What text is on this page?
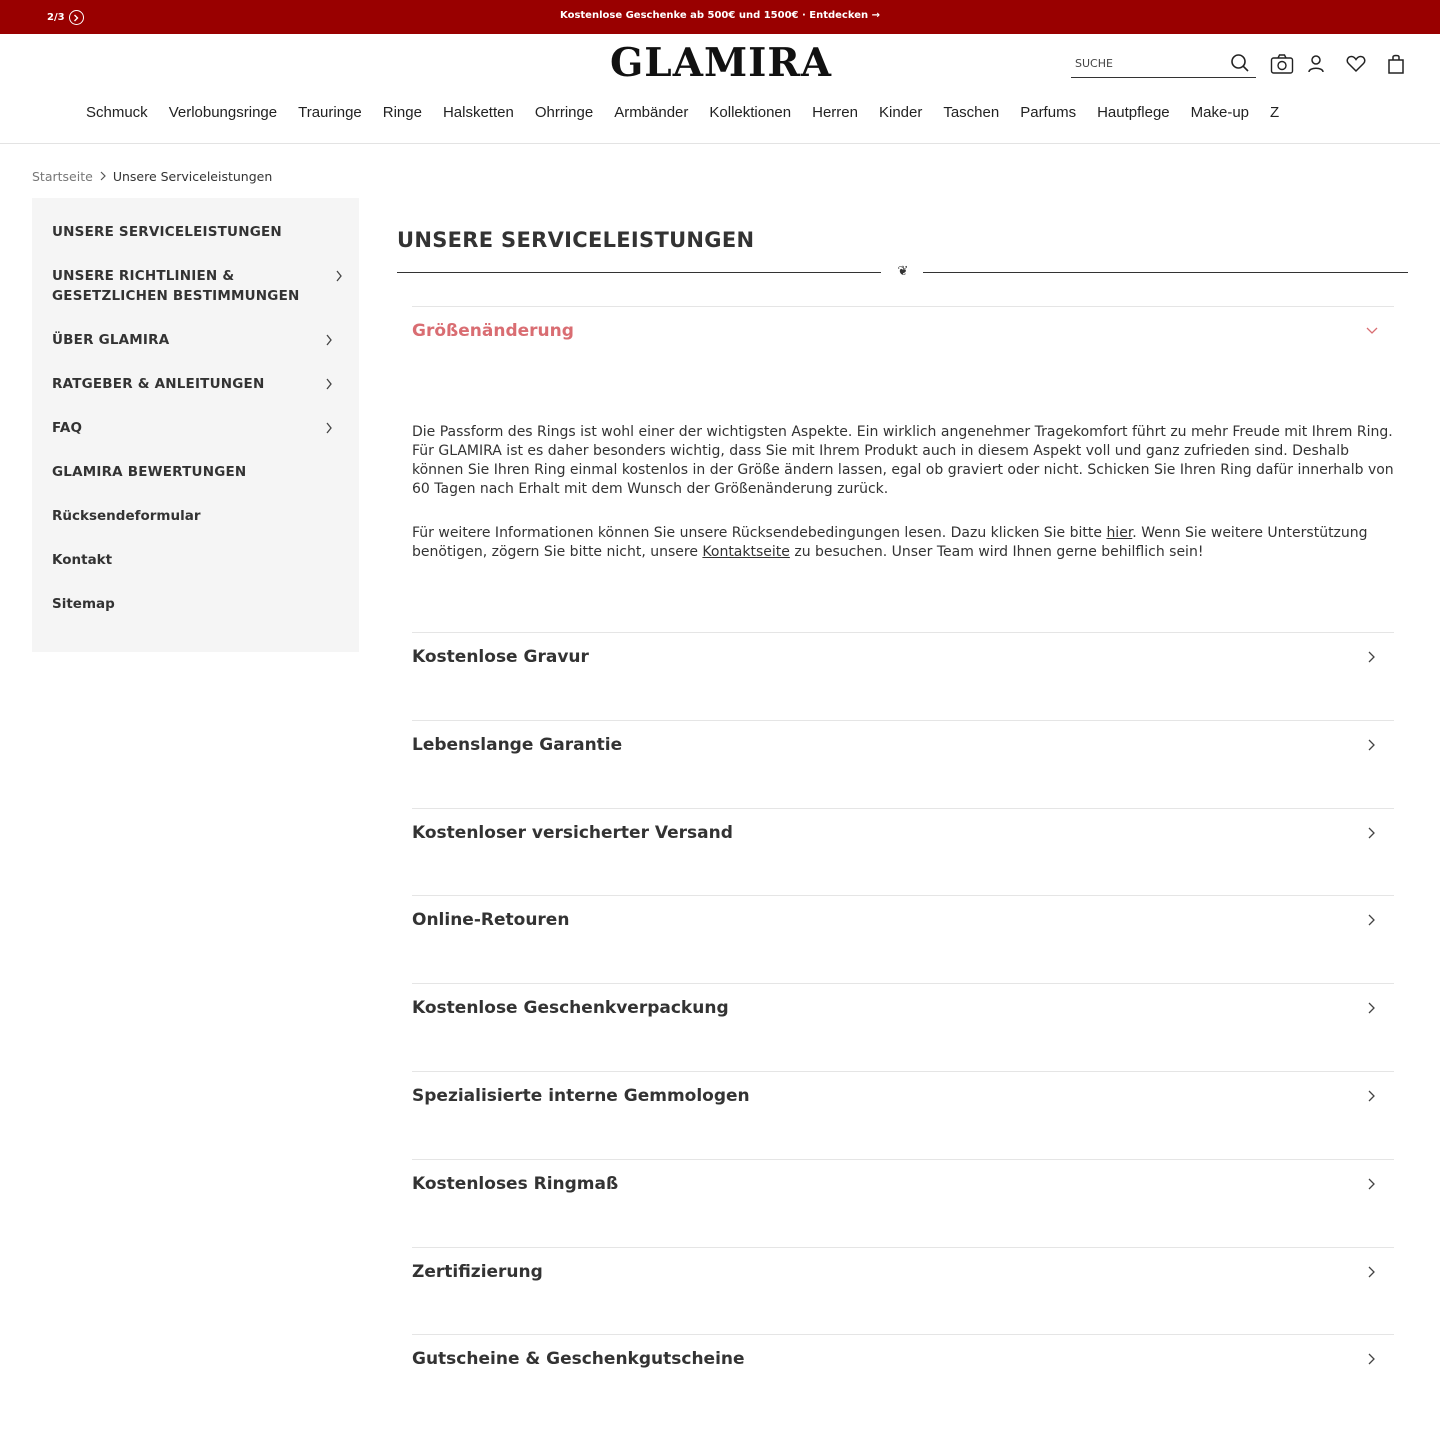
2/3	Kostenlose Geschenke ab 500€ und 1500€ · Entdecken →
GLAMIRA
SUCHE
Schmuck Verlobungsringe Trauringe Ringe Halsketten Ohrringe Armbänder Kollektionen Herren Kinder Taschen Parfums Hautpflege Make-up Z
Startseite Unsere Serviceleistungen
UNSERE SERVICELEISTUNGEN
UNSERE RICHTLINIEN & GESETZLICHEN BESTIMMUNGEN
ÜBER GLAMIRA
RATGEBER & ANLEITUNGEN
FAQ
GLAMIRA BEWERTUNGEN
Rücksendeformular
Kontakt
Sitemap
UNSERE SERVICELEISTUNGEN
❦
Größenänderung

Die Passform des Rings ist wohl einer der wichtigsten Aspekte. Ein wirklich angenehmer Tragekomfort führt zu mehr Freude mit Ihrem Ring. Für GLAMIRA ist es daher besonders wichtig, dass Sie mit Ihrem Produkt auch in diesem Aspekt voll und ganz zufrieden sind. Deshalb können Sie Ihren Ring einmal kostenlos in der Größe ändern lassen, egal ob graviert oder nicht. Schicken Sie Ihren Ring dafür innerhalb von 60 Tagen nach Erhalt mit dem Wunsch der Größenänderung zurück.

Für weitere Informationen können Sie unsere Rücksendebedingungen lesen. Dazu klicken Sie bitte hier. Wenn Sie weitere Unterstützung benötigen, zögern Sie bitte nicht, unsere Kontaktseite zu besuchen. Unser Team wird Ihnen gerne behilflich sein!

Kostenlose Gravur
Lebenslange Garantie
Kostenloser versicherter Versand
Online-Retouren
Kostenlose Geschenkverpackung
Spezialisierte interne Gemmologen
Kostenloses Ringmaß
Zertifizierung
Gutscheine & Geschenkgutscheine
